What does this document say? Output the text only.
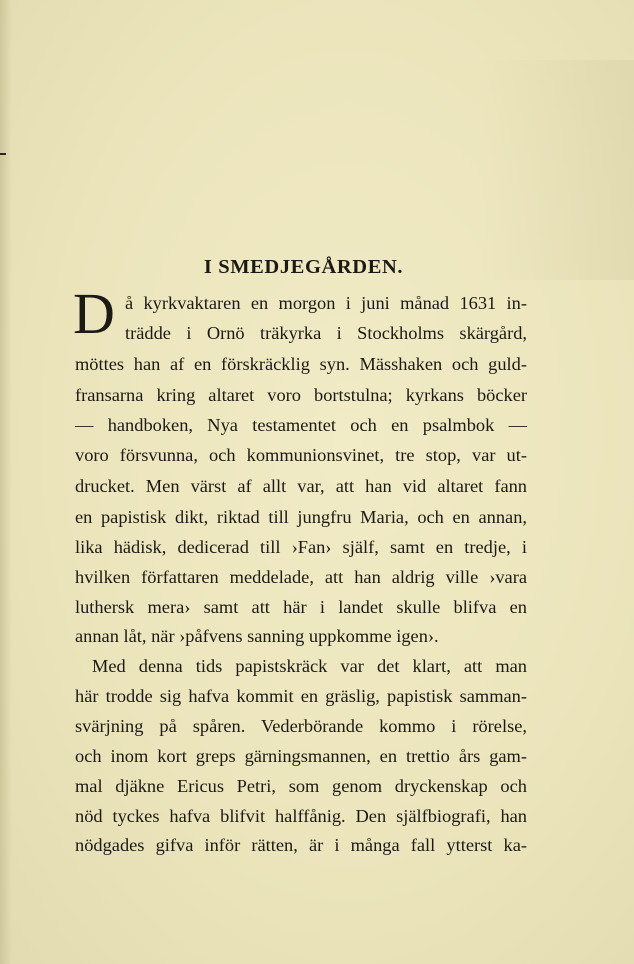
I SMEDJEGÅRDEN.
D å kyrkvaktaren en morgon i juni månad 1631 in-
trädde i Ornö träkyrka i Stockholms skärgård,
möttes han af en förskräcklig syn. Mässhaken och guld-
fransarna kring altaret voro bortstulna; kyrkans böcker
— handboken, Nya testamentet och en psalmbok —
voro försvunna, och kommunionsvinet, tre stop, var ut-
drucket. Men värst af allt var, att han vid altaret fann
en papistisk dikt, riktad till jungfru Maria, och en annan,
lika hädisk, dedicerad till ›Fan› själf, samt en tredje, i
hvilken författaren meddelade, att han aldrig ville ›vara
luthersk mera› samt att här i landet skulle blifva en
annan låt, när ›påfvens sanning uppkomme igen›.
Med denna tids papistskräck var det klart, att man
här trodde sig hafva kommit en gräslig, papistisk samman-
svärjning på spåren. Vederbörande kommo i rörelse,
och inom kort greps gärningsmannen, en trettio års gam-
mal djäkne Ericus Petri, som genom dryckenskap och
nöd tyckes hafva blifvit halffånig. Den själfbiografi, han
nödgades gifva inför rätten, är i många fall ytterst ka-
